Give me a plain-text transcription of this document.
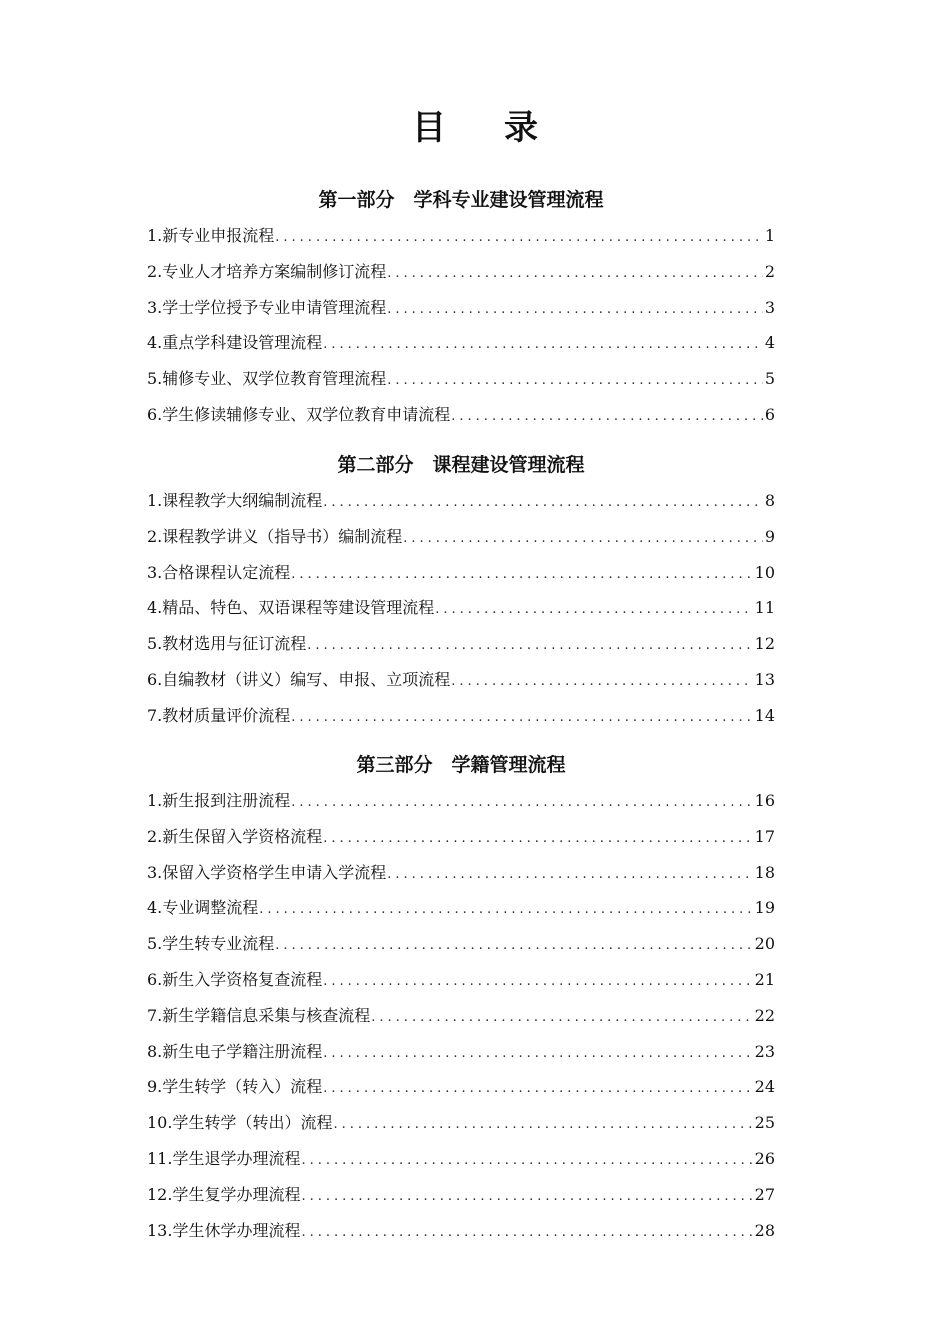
目录
第一部分　学科专业建设管理流程
1.新专业申报流程 .....	1
2.专业人才培养方案编制修订流程 .....	2
3.学士学位授予专业申请管理流程 .....	3
4.重点学科建设管理流程 .....	4
5.辅修专业、双学位教育管理流程 .....	5
6.学生修读辅修专业、双学位教育申请流程 .....	6
第二部分　课程建设管理流程
1.课程教学大纲编制流程 .....	8
2.课程教学讲义（指导书）编制流程 .....	9
3.合格课程认定流程 .....	10
4.精品、特色、双语课程等建设管理流程 .....	11
5.教材选用与征订流程 .....	12
6.自编教材（讲义）编写、申报、立项流程 .....	13
7.教材质量评价流程 .....	14
第三部分　学籍管理流程
1.新生报到注册流程 .....	16
2.新生保留入学资格流程 .....	17
3.保留入学资格学生申请入学流程 .....	18
4.专业调整流程 .....	19
5.学生转专业流程 .....	20
6.新生入学资格复查流程 .....	21
7.新生学籍信息采集与核查流程 .....	22
8.新生电子学籍注册流程 .....	23
9.学生转学（转入）流程 .....	24
10.学生转学（转出）流程 .....	25
11.学生退学办理流程 .....	26
12.学生复学办理流程 .....	27
13.学生休学办理流程 .....	28
